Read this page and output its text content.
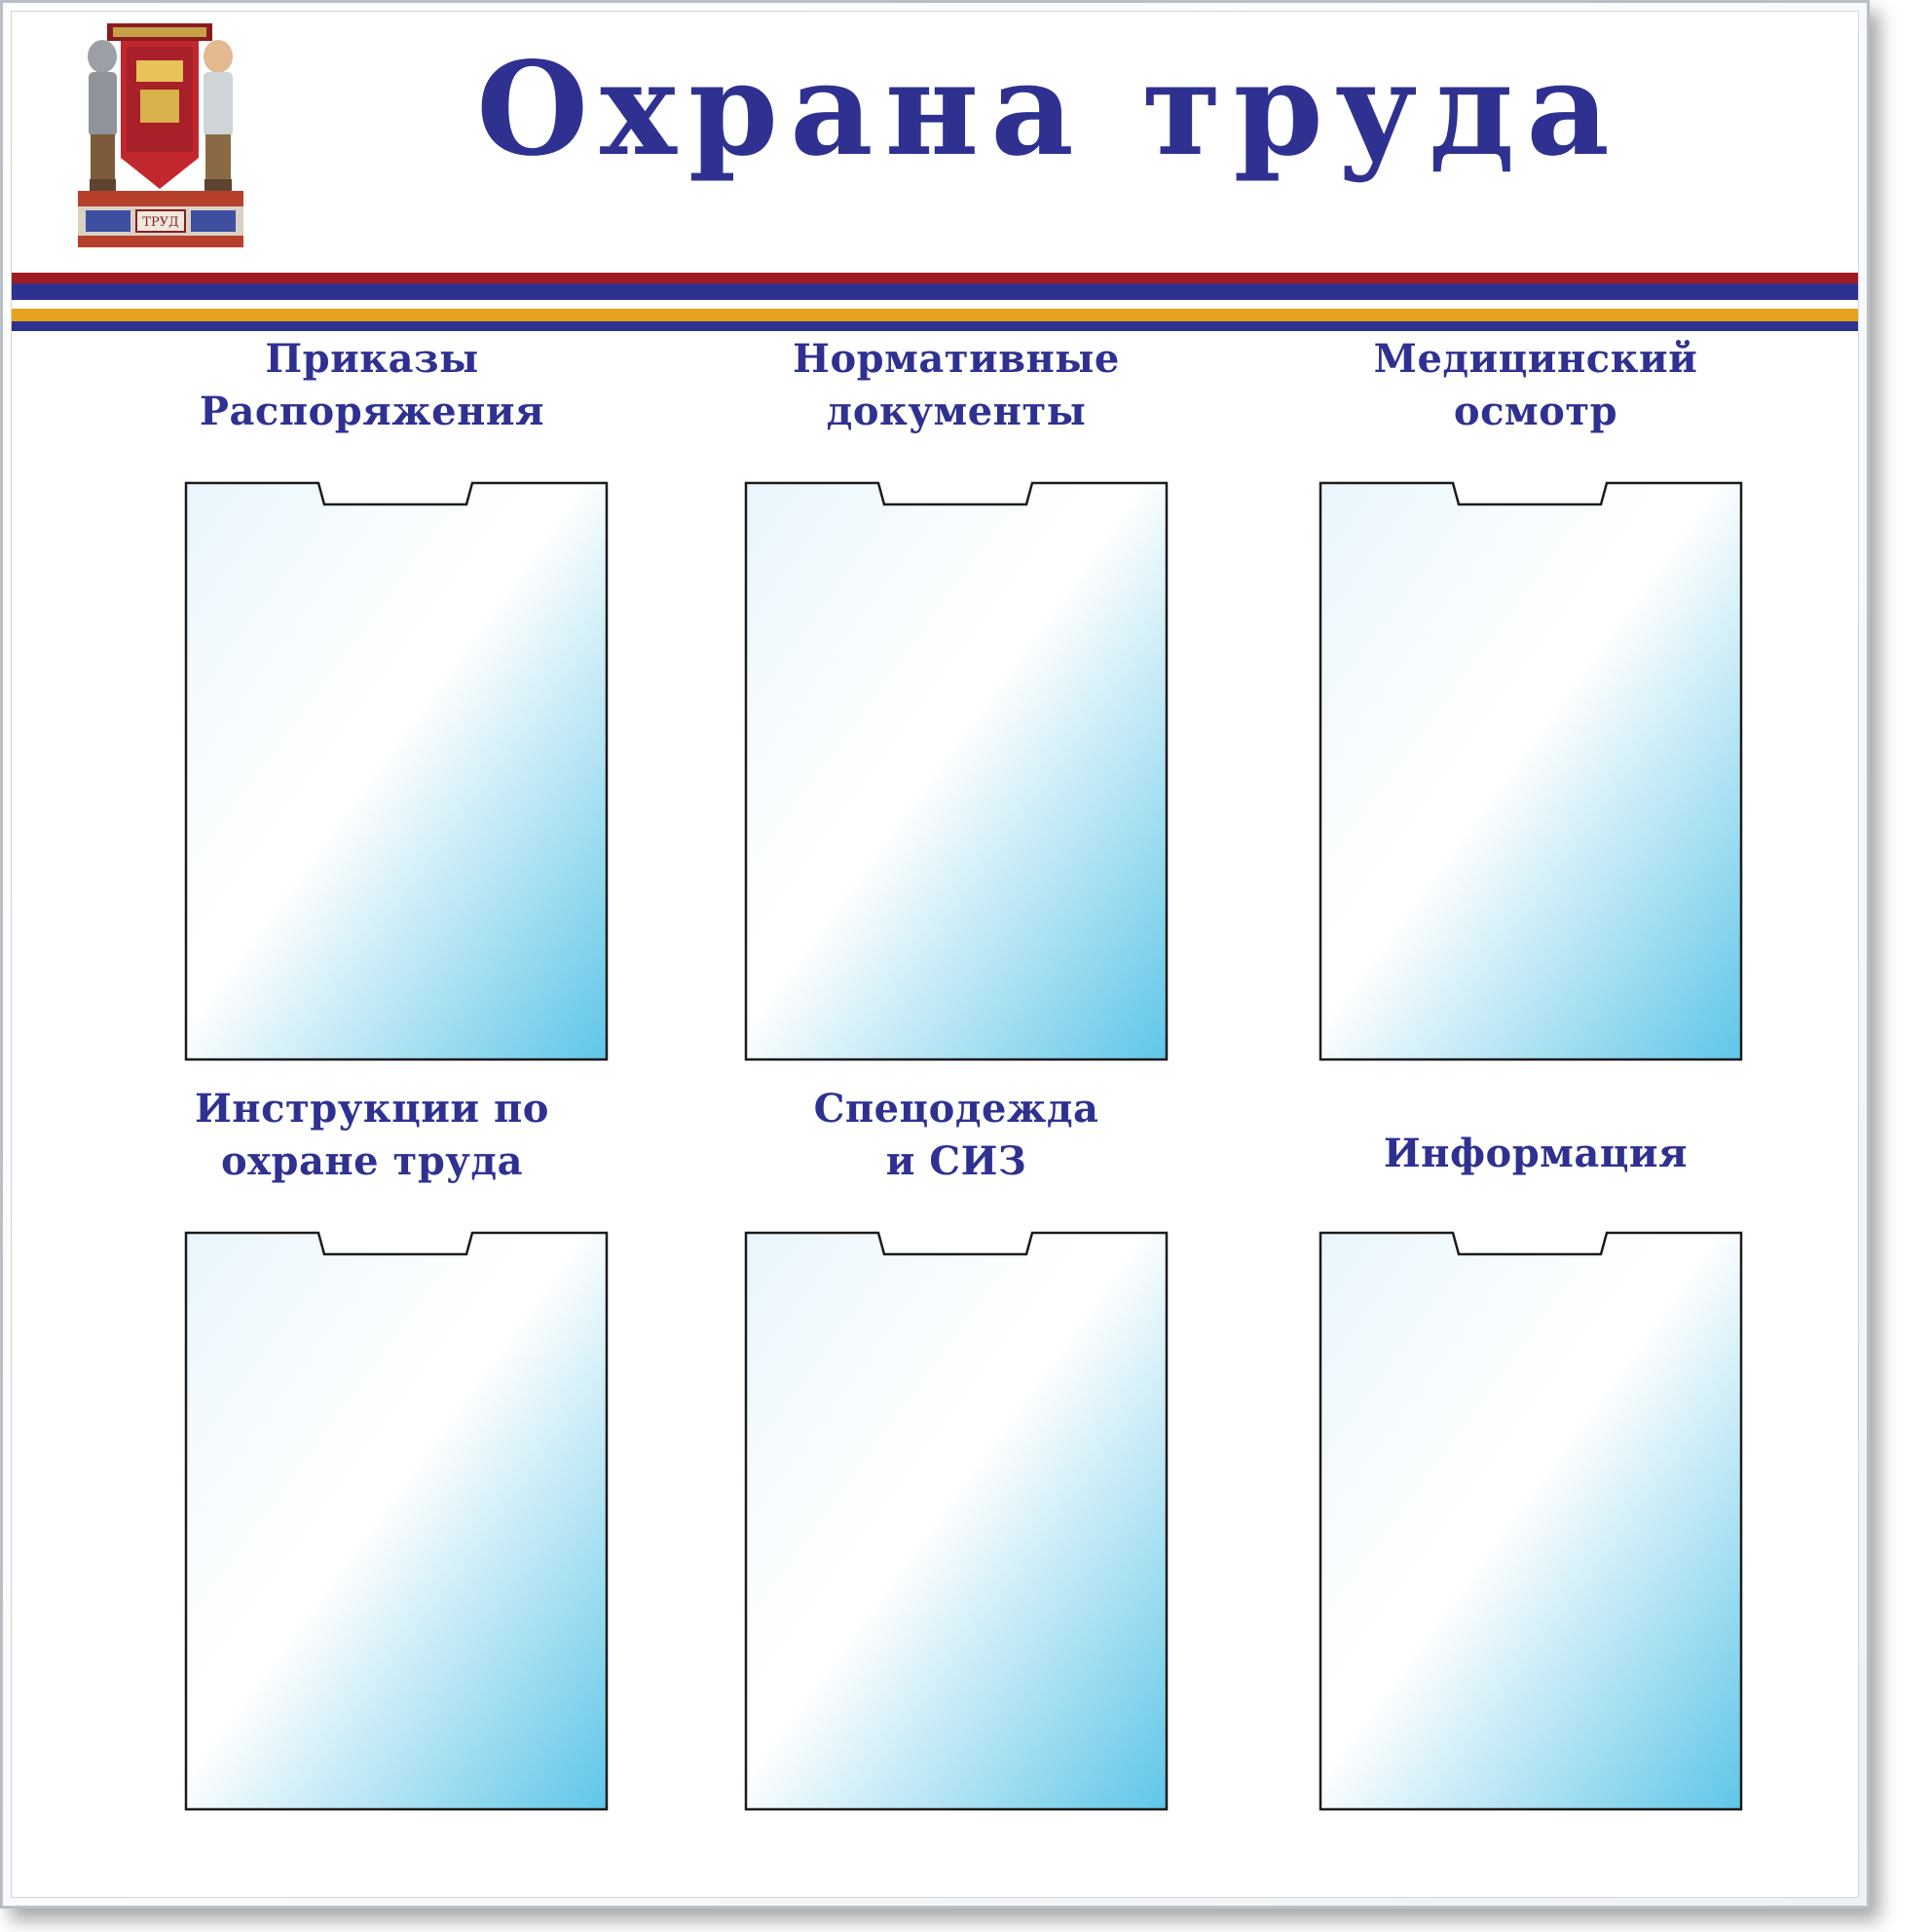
ТРУД
Охрана труда
Приказы
Распоряжения
Нормативные
документы
Медицинский
осмотр
Инструкции по
охране труда
Спецодежда
и СИЗ	Информация
